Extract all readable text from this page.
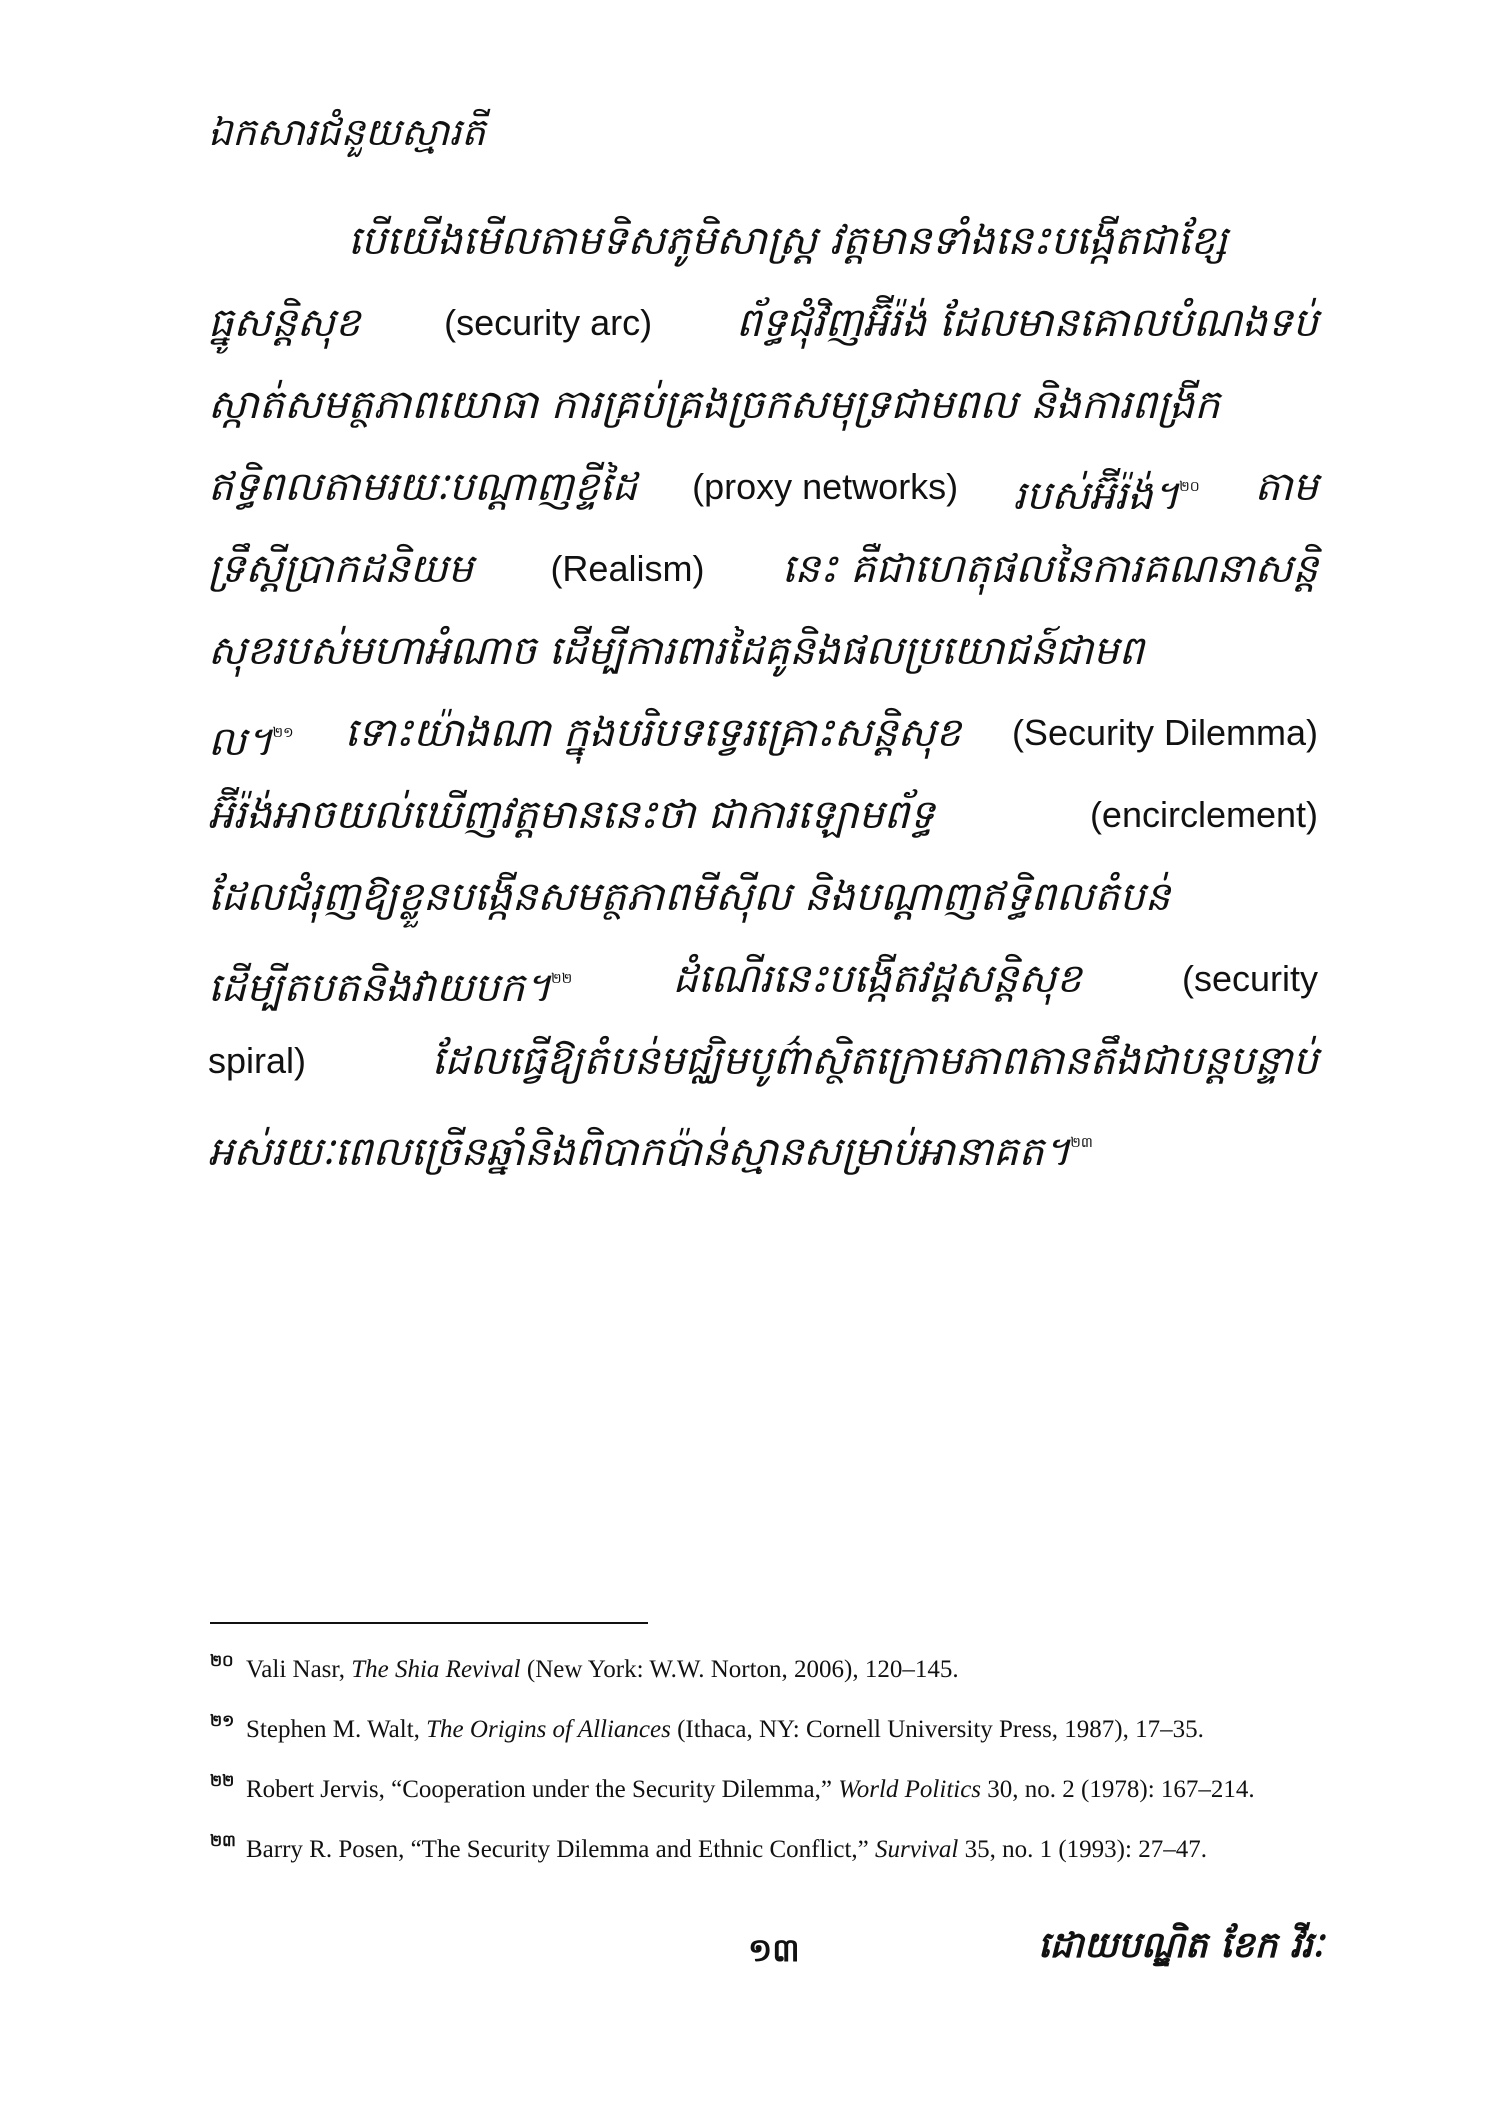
ឯកសារជំនួយស្មារតី
បើយើងមើលតាមទិសភូមិសាស្ត្រ វត្តមានទាំងនេះបង្កើតជាខ្សែ
ធ្នូសន្តិសុខ (security arc) ព័ទ្ធជុំវិញអ៊ីរ៉ង់ ដែលមានគោលបំណងទប់
ស្កាត់សមត្ថភាពយោធា ការគ្រប់គ្រងច្រកសមុទ្រជាមពល និងការពង្រីក
ឥទ្ធិពលតាមរយៈបណ្ដាញខ្ទីដៃ (proxy networks) របស់អ៊ីរ៉ង់។$^{២០}$ តាម
ទ្រឹស្តីប្រាកដនិយម (Realism) នេះ គឺជាហេតុផលនៃការគណនាសន្តិ
សុខរបស់មហាអំណាច ដើម្បីការពារដៃគូនិងផលប្រយោជន៍ជាមព
ល។$^{២១}$ ទោះយ៉ាងណា ក្នុងបរិបទទ្វេរគ្រោះសន្តិសុខ (Security Dilemma)
អ៊ីរ៉ង់អាចយល់ឃើញវត្តមាននេះថា ជាការឡោមព័ទ្ធ	(encirclement)
ដែលជំរុញឱ្យខ្លួនបង្កើនសមត្ថភាពមីស៊ីល និងបណ្ដាញឥទ្ធិពលតំបន់
ដើម្បីតបតនិងវាយបក។$^{២២}$	ដំណើរនេះបង្កើតវដ្តសន្តិសុខ	(security
spiral)	ដែលធ្វើឱ្យតំបន់មជ្ឈិមបូព៌ាស្ថិតក្រោមភាពតានតឹងជាបន្តបន្ទាប់
អស់រយៈពេលច្រើនឆ្នាំនិងពិបាកប៉ាន់ស្មានសម្រាប់អានាគត។$^{២៣}$
២០ Vali Nasr, The Shia Revival (New York: W.W. Norton, 2006), 120–145.
២១ Stephen M. Walt, The Origins of Alliances (Ithaca, NY: Cornell University Press, 1987), 17–35.
២២ Robert Jervis, “Cooperation under the Security Dilemma,” World Politics 30, no. 2 (1978): 167–214.
២៣ Barry R. Posen, “The Security Dilemma and Ethnic Conflict,” Survival 35, no. 1 (1993): 27–47.
១៣	ដោយបណ្ឌិត ខែក វីរៈ
